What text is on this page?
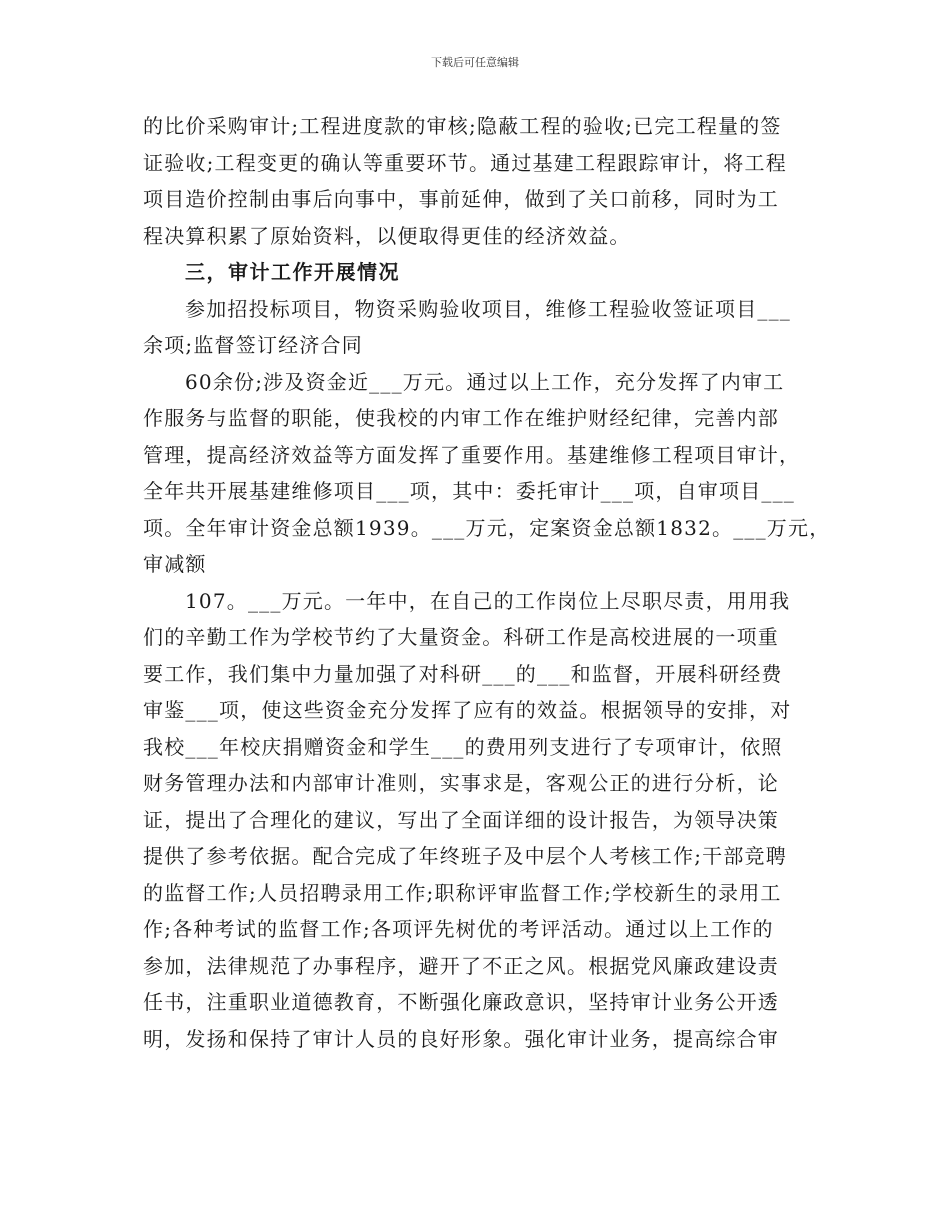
下载后可任意编辑
的比价采购审计;工程进度款的审核;隐蔽工程的验收;已完工程量的签
证验收;工程变更的确认等重要环节。通过基建工程跟踪审计，将工程
项目造价控制由事后向事中，事前延伸，做到了关口前移，同时为工
程决算积累了原始资料，以便取得更佳的经济效益。
三，审计工作开展情况
参加招投标项目，物资采购验收项目，维修工程验收签证项目___
余项;监督签订经济合同
60余份;涉及资金近___万元。通过以上工作，充分发挥了内审工
作服务与监督的职能，使我校的内审工作在维护财经纪律，完善内部
管理，提高经济效益等方面发挥了重要作用。基建维修工程项目审计，
全年共开展基建维修项目___项，其中：委托审计___项，自审项目___
项。全年审计资金总额1939。___万元，定案资金总额1832。___万元，
审减额
107。___万元。一年中，在自己的工作岗位上尽职尽责，用用我
们的辛勤工作为学校节约了大量资金。科研工作是高校进展的一项重
要工作，我们集中力量加强了对科研___的___和监督，开展科研经费
审鉴___项，使这些资金充分发挥了应有的效益。根据领导的安排，对
我校___年校庆捐赠资金和学生___的费用列支进行了专项审计，依照
财务管理办法和内部审计准则，实事求是，客观公正的进行分析，论
证，提出了合理化的建议，写出了全面详细的设计报告，为领导决策
提供了参考依据。配合完成了年终班子及中层个人考核工作;干部竞聘
的监督工作;人员招聘录用工作;职称评审监督工作;学校新生的录用工
作;各种考试的监督工作;各项评先树优的考评活动。通过以上工作的
参加，法律规范了办事程序，避开了不正之风。根据党风廉政建设责
任书，注重职业道德教育，不断强化廉政意识，坚持审计业务公开透
明，发扬和保持了审计人员的良好形象。强化审计业务，提高综合审
